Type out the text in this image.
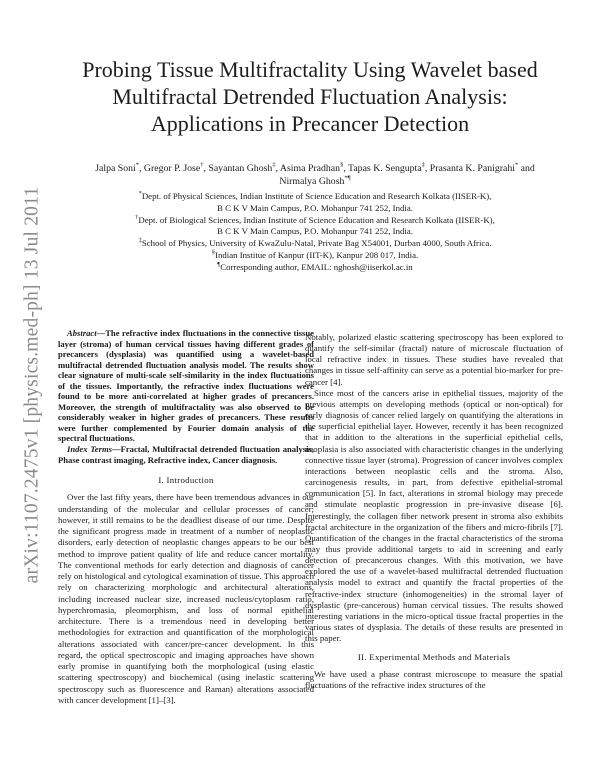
arXiv:1107.2475v1 [physics.med-ph] 13 Jul 2011
Probing Tissue Multifractality Using Wavelet based
Multifractal Detrended Fluctuation Analysis:
Applications in Precancer Detection
Jalpa Soni*, Gregor P. Jose†, Sayantan Ghosh‡, Asima Pradhan§, Tapas K. Sengupta‡, Prasanta K. Panigrahi* and
Nirmalya Ghosh*¶
*Dept. of Physical Sciences, Indian Institute of Science Education and Research Kolkata (IISER-K),
B C K V Main Campus, P.O. Mohanpur 741 252, India.
†Dept. of Biological Sciences, Indian Institute of Science Education and Research Kolkata (IISER-K),
B C K V Main Campus, P.O. Mohanpur 741 252, India.
‡School of Physics, University of KwaZulu-Natal, Private Bag X54001, Durban 4000, South Africa.
§Indian Institue of Kanpur (IIT-K), Kanpur 208 017, India.
¶Corresponding author, EMAIL: nghosh@iiserkol.ac.in

Abstract—The refractive index fluctuations in the connective tissue layer (stroma) of human cervical tissues having different grades of precancers (dysplasia) was quantified using a wavelet-based multifractal detrended fluctuation analysis model. The results show clear signature of multi-scale self-similarity in the index fluctuations of the tissues. Importantly, the refractive index fluctuations were found to be more anti-correlated at higher grades of precancers. Moreover, the strength of multifractality was also observed to be considerably weaker in higher grades of precancers. These results were further complemented by Fourier domain analysis of the spectral fluctuations.

Index Terms—Fractal, Multifractal detrended fluctuation analysis, Phase contrast imaging, Refractive index, Cancer diagnosis.

I. Introduction

Over the last fifty years, there have been tremendous advances in our understanding of the molecular and cellular processes of cancer; however, it still remains to be the deadliest disease of our time. Despite the significant progress made in treatment of a number of neoplastic disorders, early detection of neoplastic changes appears to be our best method to improve patient quality of life and reduce cancer mortality. The conventional methods for early detection and diagnosis of cancer rely on histological and cytological examination of tissue. This approach rely on characterizing morphologic and architectural alterations, including increased nuclear size, increased nucleus/cytoplasm ratio, hyperchromasia, pleomorphism, and loss of normal epithelial architecture. There is a tremendous need in developing better methodologies for extraction and quantification of the morphological alterations associated with cancer/pre-cancer development. In this regard, the optical spectroscopic and imaging approaches have shown early promise in quantifying both the morphological (using elastic scattering spectroscopy) and biochemical (using inelastic scattering spectroscopy such as fluorescence and Raman) alterations associated with cancer development [1]–[3].

Notably, polarized elastic scattering spectroscopy has been explored to quantify the self-similar (fractal) nature of microscale fluctuation of local refractive index in tissues. These studies have revealed that changes in tissue self-affinity can serve as a potential bio-marker for pre-cancer [4].

Since most of the cancers arise in epithelial tissues, majority of the previous attempts on developing methods (optical or non-optical) for early diagnosis of cancer relied largely on quantifying the alterations in the superficial epithelial layer. However, recently it has been recognized that in addition to the alterations in the superficial epithelial cells, neoplasia is also associated with characteristic changes in the underlying connective tissue layer (stroma). Progression of cancer involves complex interactions between neoplastic cells and the stroma. Also, carcinogenesis results, in part, from defective epithelial-stromal communication [5]. In fact, alterations in stromal biology may precede and stimulate neoplastic progression in pre-invasive disease [6]. Interestingly, the collagen fiber network present in stroma also exhibits fractal architecture in the organization of the fibers and micro-fibrils [7]. Quantification of the changes in the fractal characteristics of the stroma may thus provide additional targets to aid in screening and early detection of precancerous changes. With this motivation, we have explored the use of a wavelet-based multifractal detrended fluctuation analysis model to extract and quantify the fractal properties of the refractive-index structure (inhomogeneities) in the stromal layer of dysplastic (pre-cancerous) human cervical tissues. The results showed interesting variations in the micro-optical tissue fractal properties in the various states of dysplasia. The details of these results are presented in this paper.

II. Experimental Methods and Materials

We have used a phase contrast microscope to measure the spatial fluctuations of the refractive index structures of the
